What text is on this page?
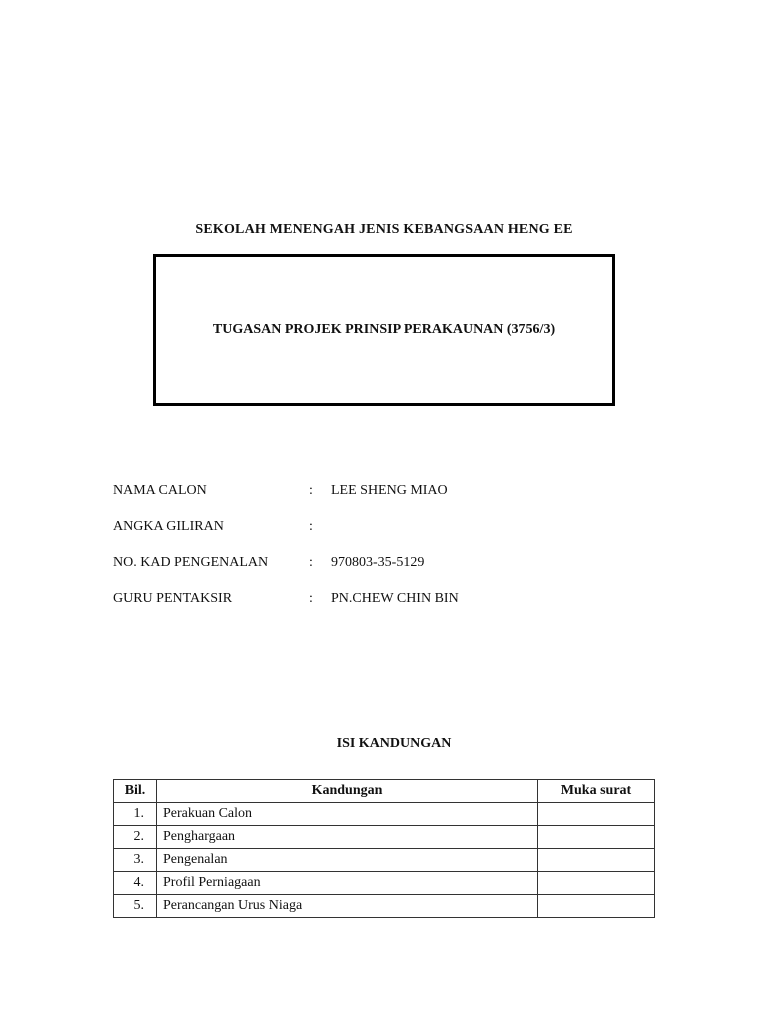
SEKOLAH MENENGAH JENIS KEBANGSAAN HENG EE
TUGASAN PROJEK PRINSIP PERAKAUNAN (3756/3)
NAMA CALON	: LEE SHENG MIAO
ANGKA GILIRAN	:
NO. KAD PENGENALAN	: 970803-35-5129
GURU PENTAKSIR	: PN.CHEW CHIN BIN
ISI KANDUNGAN
Bil.	Kandungan	Muka surat
1.	Perakuan Calon	
2.	Penghargaan	
3.	Pengenalan	
4.	Profil Perniagaan	
5.	Perancangan Urus Niaga	
